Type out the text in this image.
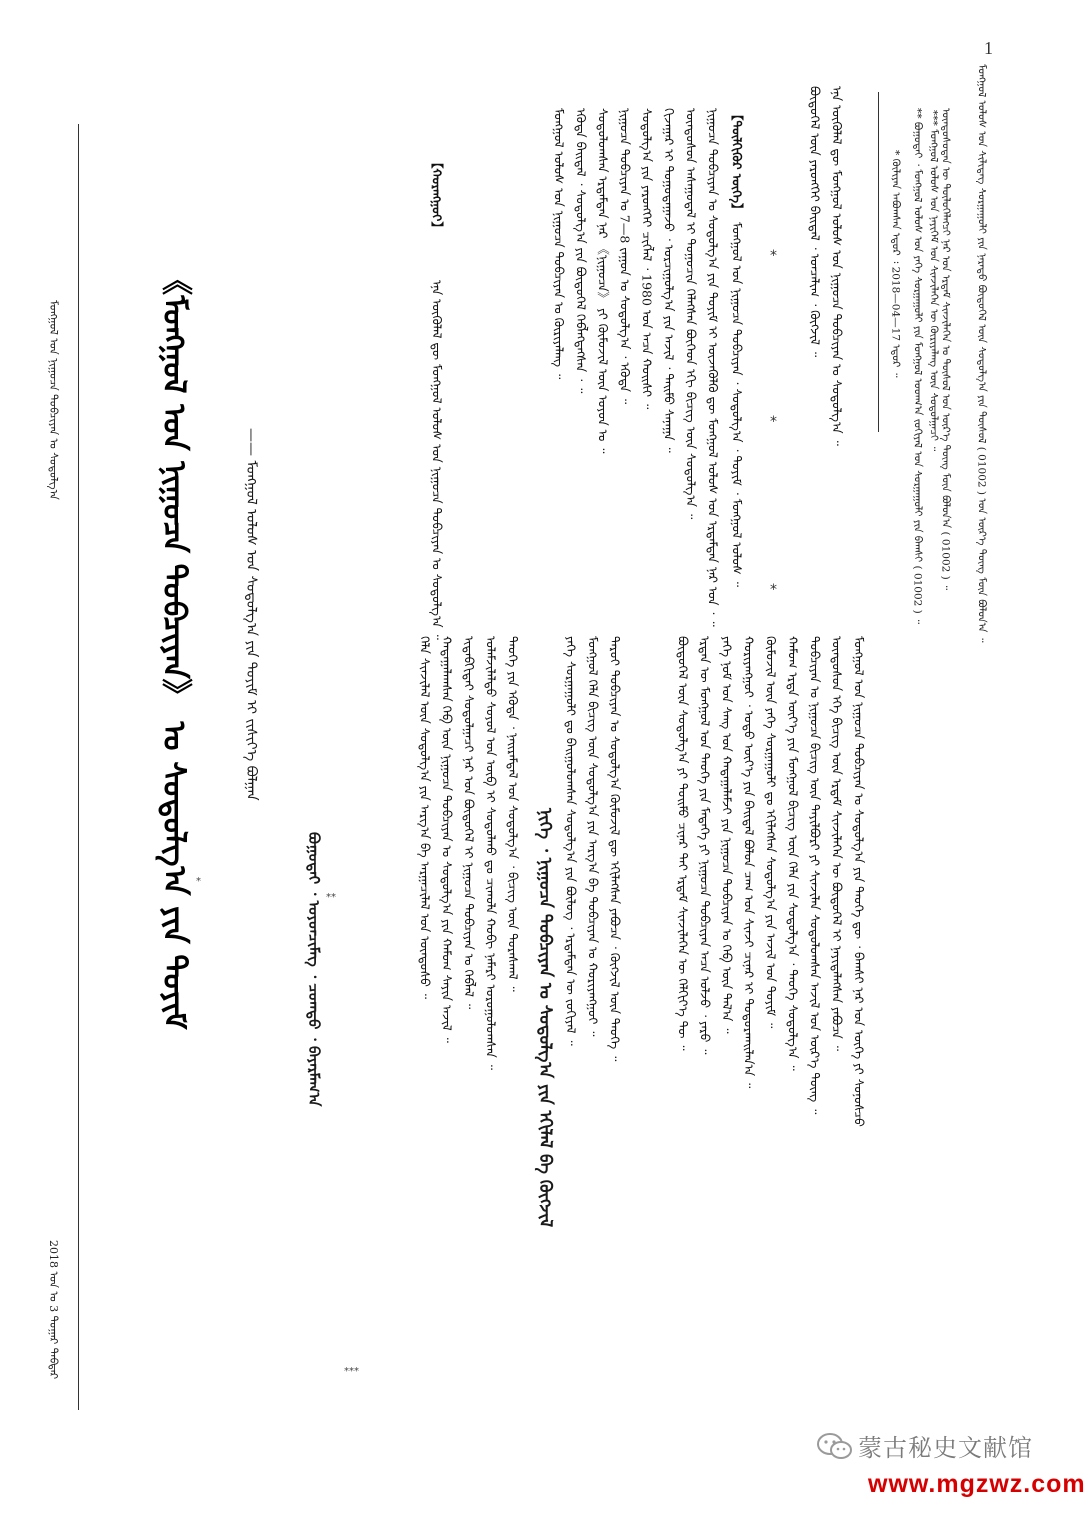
1
ᠮᠣᠩᠭᠣᠯ ᠤᠯᠤᠰ ᠤᠨ ᠰᠢᠯᠢᠳᠡᠭ ᠰᠤᠷᠭᠠᠭᠤᠯᠢ ᠶᠢᠨ ᠨᠡᠷᠡᠲᠦ ᠪᠦᠲᠦᠭᠡᠯ ᠦᠨ ᠰᠤᠳᠤᠯᠭ᠎ᠠ ᠶᠢᠨ ᠲᠥᠰᠥᠯ ( 01002 ) ᠤᠨ ᠦᠷ᠎ᠡ ᠳᠦᠩ ᠮᠥᠨ ᠪᠣᠯᠤᠨ᠎ᠠ ᠃
ᠦᠨᠳᠦᠰᠦᠳᠡᠨ ᠦ ᠲᠥᠯᠥᠭᠡᠯᠡᠭᠴᠢ ᠨᠠᠷ ᠤᠨ ᠡᠷᠳᠡᠮ ᠰᠢᠨᠵᠢᠯᠡᠭᠡᠨ ᠤ ᠲᠥᠰᠥᠯ ᠤᠨ ᠦᠷ᠎ᠡ ᠳᠦᠩ ᠮᠥᠨ ᠪᠣᠯᠤᠨ᠎ᠠ ( 01002 ) ᠃
** ᠪᠤᠭᠤᠳᠠᠢ ᠂ ᠮᠣᠩᠭᠣᠯ ᠤᠯᠤᠰ ᠤᠨ ᠶᠡᠬᠡ ᠰᠤᠷᠭᠠᠭᠤᠯᠢ ᠶᠢᠨ ᠮᠣᠩᠭᠣᠯ ᠤᠳᠬ᠎ᠠ ᠵᠣᠬᠢᠶᠠᠯ ᠤᠨ ᠰᠤᠷᠭᠠᠭᠤᠯᠢ ᠶᠢᠨ ᠪᠠᠭᠰᠢ ( 01002 ) ᠃ *** ᠮᠣᠩᠭᠣᠯ ᠤᠯᠤᠰ ᠤᠨ ᠨᠡᠶᠢᠭᠡᠮ ᠤᠨ ᠰᠢᠨᠵᠢᠯᠡᠭᠡᠨ ᠦ ᠬᠦᠷᠢᠶᠡᠯᠡᠩ ᠦᠨ ᠰᠤᠳᠤᠯᠭᠠᠴᠢ ᠃
* ᠬᠦᠯᠢᠶᠡᠨ ᠠᠪᠤᠭᠰᠠᠨ ᠡᠳᠦᠷ ᠄ 2018—04—17 ᠡᠳᠦᠷ ᠃
ᠮᠣᠩᠭᠣᠯ ᠤᠨ ᠨᠢᠭᠤᠴᠠ ᠲᠣᠪᠴᠢᠶᠠᠨ ᠤ ᠰᠤᠳᠤᠯᠭ᠎ᠠ ᠶᠢᠨ ᠲᠡᠦᠬᠡ ᠳᠦ ᠂ ᠪᠠᠭᠰᠢ ᠨᠠᠷ ᠤᠨ ᠦᠭᠡ ᠶᠢ ᠰᠣᠨᠣᠰᠴᠤ
ᠦᠨᠳᠦᠰᠦᠨ ᠡᠬᠡ ᠪᠢᠴᠢᠭ ᠦᠨ ᠡᠷᠳᠡᠮ ᠰᠢᠨᠵᠢᠯᠡᠭᠡᠨ ᠦ ᠪᠦᠲᠦᠭᠡᠯ ᠢ ᠨᠡᠶᠢᠲᠡᠯᠡᠭᠰᠡᠨ ᠶᠠᠪᠤᠴᠠ ᠃
ᠲᠣᠪᠴᠢᠶᠠᠨ ᠤ ᠨᠢᠭᠤᠴᠠ ᠪᠢᠴᠢᠭ ᠦᠨ ᠲᠠᠶᠢᠯᠪᠤᠷᠢ ᠶᠢ ᠰᠢᠨᠵᠢᠯᠡᠨ ᠰᠤᠳᠤᠯᠤᠭᠰᠠᠨ ᠠᠵᠢᠯ ᠤᠨ ᠦᠷ᠎ᠡ ᠳᠦᠩ ᠃
ᠬᠠᠮᠤᠭ ᠡᠷᠲᠡ ᠦᠶ᠎ᠡ ᠶᠢᠨ ᠮᠣᠩᠭᠣᠯ ᠪᠢᠴᠢᠭ ᠦᠨ ᠬᠡᠯᠡ ᠶᠢᠨ ᠰᠤᠳᠤᠯᠭ᠎ᠠ ᠂ ᠲᠡᠦᠬᠡ ᠰᠤᠳᠤᠯᠭ᠎ᠠ ᠃
ᠬᠦᠮᠦᠵᠢᠯ ᠦᠨ ᠶᠡᠬᠡ ᠰᠤᠷᠭᠠᠭᠤᠯᠢ ᠳᠤ ᠡᠬᠢᠯᠡᠭᠰᠡᠨ ᠰᠤᠳᠤᠯᠭ᠎ᠠ ᠶᠢᠨ ᠠᠵᠢᠯ ᠤᠨ ᠲᠣᠶᠢᠮ ᠃
ᠬᠤᠷᠢᠶᠠᠩᠭᠤᠢ ᠂ ᠣᠳᠣ ᠦᠶ᠎ᠡ ᠶᠢᠨ ᠪᠠᠢᠳᠠᠯ ᠪᠣᠯᠤᠨ ᠴᠠᠭ ᠤᠨ ᠰᠢᠨᠵᠢ ᠴᠢᠨᠠᠷ ᠢ ᠲᠣᠳᠣᠷᠬᠠᠢᠯᠠᠨ᠎ᠠ ᠃
ᠶᠡᠬᠡ ᠨᠣᠮ ᠤᠨ ᠰᠠᠩ ᠤᠨ ᠬᠠᠳᠠᠭᠠᠯᠠᠮᠵᠢ ᠶᠢᠨ ᠨᠢᠭᠤᠴᠠ ᠲᠣᠪᠴᠢᠶᠠᠨ ᠤ ᠬᠡᠪ ᠦᠨ ᠲᠠᠯ᠎ᠠ ᠃
ᠡᠷᠲᠡᠨ ᠦ ᠮᠣᠩᠭᠣᠯ ᠤᠨ ᠲᠡᠦᠬᠡ ᠶᠢᠨ ᠮᠡᠳᠡᠭᠡ ᠶᠢ ᠨᠢᠭᠤᠴᠠ ᠲᠣᠪᠴᠢᠶᠠᠨ ᠠᠴᠠ ᠤᠯᠵᠤ ᠂ ᠶᠡᠷᠦ ᠃
ᠪᠦᠲᠦᠭᠡᠯ ᠦᠨ ᠰᠤᠳᠤᠯᠭ᠎ᠠ ᠶᠢ ᠲᠣᠢᠮᠤ ᠴᠢᠨᠠᠷ ᠲᠠᠢ ᠡᠷᠳᠡᠮ ᠰᠢᠨᠵᠢᠯᠡᠭᠡᠨ ᠦ ᠬᠡᠯᠬᠢᠶ᠎ᠡ ᠲᠦ ᠃
ᠨᠢᠭᠡ ᠂ ᠨᠢᠭᠤᠴᠠ ᠲᠣᠪᠴᠢᠶᠠᠨ ᠤ ᠰᠤᠳᠤᠯᠭ᠎ᠠ ᠶᠢᠨ ᠡᠬᠢᠯᠡᠯ ᠪᠠ ᠬᠥᠭᠵᠢᠯ	ᠳᠠᠷᠤᠢ ᠲᠣᠪᠴᠢᠶᠠᠨ ᠤ ᠰᠤᠳᠤᠯᠭ᠎ᠠ ᠬᠦᠮᠦᠵᠢᠯ ᠳᠦ ᠡᠬᠢᠯᠡᠭᠰᠡᠨ ᠶᠠᠪᠤᠴᠠ ᠂ ᠬᠥᠭᠵᠢᠯ ᠦᠨ ᠲᠡᠦᠬᠡ ᠃
ᠮᠣᠩᠭᠣᠯ ᠬᠡᠯᠡ ᠪᠢᠴᠢᠭ ᠦᠨ ᠰᠤᠳᠤᠯᠭ᠎ᠠ ᠶᠢᠨ ᠠᠷᠭ᠎ᠠ ᠪᠠ ᠲᠣᠪᠴᠢᠶᠠᠨ ᠤ ᠬᠣᠷᠢᠶᠠᠩᠭᠤᠢ ᠃
ᠶᠡᠬᠡ ᠰᠤᠷᠭᠠᠭᠤᠯᠢ ᠳᠤ ᠪᠠᠢᠭᠤᠯᠤᠭᠰᠠᠨ ᠰᠤᠳᠤᠯᠭ᠎ᠠ ᠶᠢᠨ ᠪᠦᠯᠦᠭ ᠂ ᠡᠷᠳᠡᠮᠲᠡᠨ ᠦ ᠵᠣᠬᠢᠶᠠᠯ ᠃
ᠲᠡᠦᠬᠡ ᠶᠢᠨ ᠡᠭᠦᠳᠡ ᠂ ᠨᠠᠢᠷᠠᠮᠳᠠᠯ ᠤᠨ ᠰᠤᠳᠤᠯᠭ᠎ᠠ ᠂ ᠪᠢᠴᠢᠭ ᠦᠨ ᠳᠤᠷᠠᠰᠬᠠᠯ ᠃
ᠤᠯᠠᠮᠵᠢᠯᠠᠯᠳᠤ ᠰᠣᠶᠣᠯ ᠤᠨ ᠥᠪ ᠢ ᠰᠤᠳᠤᠯᠬᠤ ᠳᠤ ᠴᠢᠬᠤᠯᠠ ᠬᠤᠪᠢ ᠨᠡᠮᠡᠷᠢ ᠣᠷᠤᠭᠤᠯᠤᠭᠰᠠᠨ ᠃
ᠢᠳᠡᠪᠬᠢᠲᠡᠢ ᠰᠤᠳᠤᠯᠭᠠᠴᠢ ᠨᠠᠷ ᠤᠨ ᠪᠦᠲᠦᠭᠡᠯ ᠢ ᠨᠢᠭᠤᠴᠠ ᠲᠣᠪᠴᠢᠶᠠᠨ ᠤ ᠬᠡᠪᠯᠡᠯ ᠃
ᠬᠠᠳᠠᠭᠠᠯᠠᠭᠰᠠᠨ ᠬᠡᠪ ᠦᠨ ᠨᠢᠭᠤᠴᠠ ᠲᠣᠪᠴᠢᠶᠠᠨ ᠤ ᠰᠤᠳᠤᠯᠭ᠎ᠠ ᠶᠢᠨ ᠬᠠᠮᠤᠭ ᠰᠠᠶᠢᠨ ᠠᠵᠢᠯ ᠃
ᠬᠡᠯᠡ ᠰᠢᠨᠵᠢᠯᠡᠯ ᠦᠨ ᠰᠤᠳᠤᠯᠭ᠎ᠠ ᠶᠢᠨ ᠠᠷᠭ᠎ᠠ ᠪᠠ ᠠᠷᠭᠠᠴᠢᠯᠠᠯ ᠤᠨ ᠦᠨᠳᠦᠰᠦ ᠃
ᠡᠨᠡ ᠥᠭᠦᠯᠡᠯ ᠳᠦ ᠮᠣᠩᠭᠣᠯ ᠤᠯᠤᠰ ᠤᠨ ᠨᠢᠭᠤᠴᠠ ᠲᠣᠪᠴᠢᠶᠠᠨ ᠤ ᠰᠤᠳᠤᠯᠭ᠎ᠠ ᠃
ᠪᠦᠲᠦᠭᠡᠯ ᠦᠨ ᠶᠡᠷᠦᠩᠬᠡᠢ ᠪᠠᠢᠳᠠᠯ ᠂ ᠣᠨᠴᠠᠯᠢᠭ ᠂ ᠬᠥᠭᠵᠢᠯ ᠃
*
*
*
【ᠲᠦᠯᠬᠢᠭᠦᠷ ᠦᠭᠡ】
ᠮᠣᠩᠭᠣᠯ ᠤᠨ ᠨᠢᠭᠤᠴᠠ ᠲᠣᠪᠴᠢᠶᠠᠨ ᠂ ᠰᠤᠳᠤᠯᠭ᠎ᠠ ᠂ ᠲᠣᠶᠢᠮ ᠂ ᠮᠣᠩᠭᠣᠯ ᠤᠯᠤᠰ ᠃
ᠨᠢᠭᠤᠴᠠ ᠲᠣᠪᠴᠢᠶᠠᠨ ᠤ ᠰᠤᠳᠤᠯᠭ᠎ᠠ ᠶᠢᠨ ᠲᠣᠶᠢᠮ ᠢ ᠦᠵᠡᠭᠦᠯᠬᠦ ᠳᠦ ᠮᠣᠩᠭᠣᠯ ᠤᠯᠤᠰ ᠤᠨ ᠡᠷᠳᠡᠮᠲᠡᠨ ᠨᠠᠷ ᠤᠨ ᠂ ᠃
ᠦᠨᠳᠦᠰᠦᠨ ᠠᠰᠠᠭᠤᠳᠠᠯ ᠢ ᠲᠣᠭᠣᠴᠢᠨ ᠬᠡᠯᠡᠭᠰᠡᠨ ᠪᠥᠭᠡᠳ ᠡᠬᠢ ᠪᠢᠴᠢᠭ ᠦᠨ ᠰᠤᠳᠤᠯᠭ᠎ᠠ ᠃
ᠬᠢᠵᠠᠭᠠᠷ ᠢ ᠲᠣᠭᠣᠲᠠᠭᠠᠵᠤ ᠂ ᠣᠷᠴᠢᠭᠤᠯᠭ᠎ᠠ ᠶᠢᠨ ᠠᠵᠢᠯ ᠂ ᠲᠡᠢᠮᠦ ᠰᠠᠨᠠᠭᠠ ᠃
ᠰᠤᠳᠤᠯᠭ᠎ᠠ ᠶᠢᠨ ᠶᠡᠷᠦᠩᠬᠡᠢ ᠴᠢᠭᠯᠡᠯ ᠂ 1980 ᠣᠨ ᠠᠴᠠ ᠬᠣᠢᠰᠢ ᠃
ᠨᠢᠭᠤᠴᠠ ᠲᠣᠪᠴᠢᠶᠠᠨ ᠤ 7—8 ᠵᠠᠭᠤᠨ ᠤ ᠰᠤᠳᠤᠯᠭ᠎ᠠ ᠂ ᠡᠭᠦᠳᠡ ᠃
ᠰᠤᠳᠤᠯᠤᠭᠰᠠᠨ ᠡᠷᠳᠡᠮᠲᠡᠨ ᠨᠠᠷ 《ᠨᠢᠭᠤᠴᠠ》 ᠶᠢ ᠬᠦᠮᠦᠵᠢᠯ ᠦᠨ ᠣᠶᠤᠨ ᠤ ᠃
ᠡᠭᠦᠳᠡ ᠪᠠᠢᠳᠠᠯ ᠂ ᠰᠤᠳᠤᠯᠭ᠎ᠠ ᠶᠢᠨ ᠪᠦᠲᠦᠭᠡᠯ ᠬᠡᠪᠯᠡᠭᠳᠡᠭᠰᠡᠨ ᠂ ᠃
ᠮᠣᠩᠭᠣᠯ ᠤᠯᠤᠰ ᠤᠨ ᠨᠢᠭᠤᠴᠠ ᠲᠣᠪᠴᠢᠶᠠᠨ ᠤ ᠬᠦᠷᠢᠶᠡᠯᠡᠩ ᠃
【ᠬᠤᠷᠠᠩᠭᠤᠢ】
ᠡᠨᠡ ᠥᠭᠦᠯᠡᠯ ᠳᠦ ᠮᠣᠩᠭᠣᠯ ᠤᠯᠤᠰ ᠤᠨ ᠨᠢᠭᠤᠴᠠ ᠲᠣᠪᠴᠢᠶᠠᠨ ᠤ ᠰᠤᠳᠤᠯᠭ᠎ᠠ ᠃
《ᠮᠣᠩᠭᠣᠯ ᠤᠨ ᠨᠢᠭᠤᠴᠠ ᠲᠣᠪᠴᠢᠶᠠᠨ》 ᠤ ᠰᠤᠳᠤᠯᠭ᠎ᠠ ᠶᠢᠨ ᠲᠣᠶᠢᠮ *
—— ᠮᠣᠩᠭᠣᠯ ᠤᠯᠤᠰ ᠤᠨ ᠰᠤᠳᠤᠯᠭ᠎ᠠ ᠶᠢᠨ ᠲᠣᠶᠢᠮ ᠢ ᠵᠢᠱᠢᠶ᠎ᠡ ᠪᠣᠯᠭᠠᠨ
ᠪᠤᠭᠤᠳᠠᠢ ᠂ ᠣᠶᠤᠨᠴᠢᠮᠡᠭ ᠂ ᠴᠣᠭᠲᠤ ᠂ ᠪᠠᠶᠠᠷᠮᠠᠭ᠎ᠠ **
***
ᠮᠣᠩᠭᠣᠯ ᠤᠨ ᠨᠢᠭᠤᠴᠠ ᠲᠣᠪᠴᠢᠶᠠᠨ ᠤ ᠰᠤᠳᠤᠯᠭ᠎ᠠ
2018 ᠣᠨ ᠤ 3 ᠳᠤᠭᠠᠷ ᠳᠡᠪᠲᠡᠷ
蒙古秘史文献馆
www.mgzwz.com
